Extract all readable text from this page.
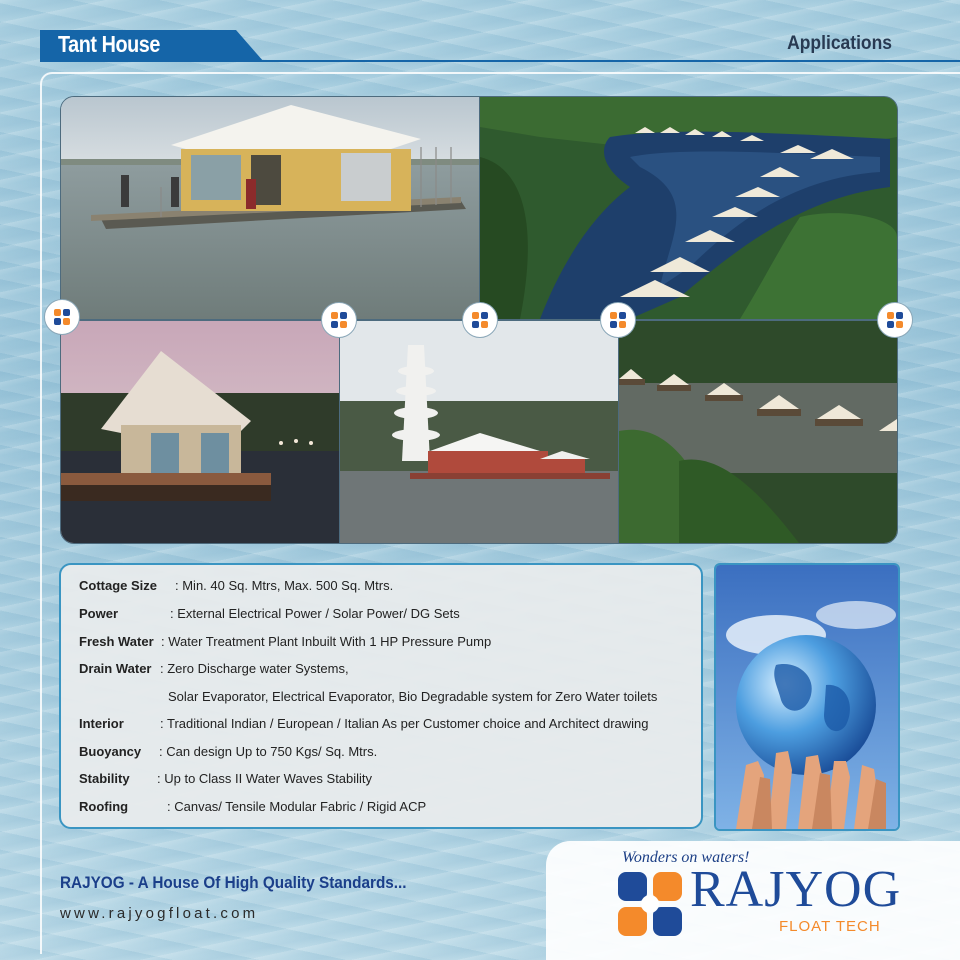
Tant House	Applications
Cottage Size : Min. 40 Sq. Mtrs, Max. 500 Sq. Mtrs.
Power	: External Electrical Power / Solar Power/ DG Sets
Fresh Water : Water Treatment Plant Inbuilt With 1 HP Pressure Pump
Drain Water : Zero Discharge water Systems,
Solar Evaporator, Electrical Evaporator, Bio Degradable system for Zero Water toilets
Interior	: Traditional Indian / European / Italian As per Customer choice and Architect drawing
Buoyancy : Can design Up to 750 Kgs/ Sq. Mtrs.
Stability : Up to Class II Water Waves Stability
Roofing	: Canvas/ Tensile Modular Fabric / Rigid ACP
RAJYOG - A House Of High Quality Standards...
www.rajyogfloat.com
Wonders on waters!
RAJYOG
FLOAT TECH
